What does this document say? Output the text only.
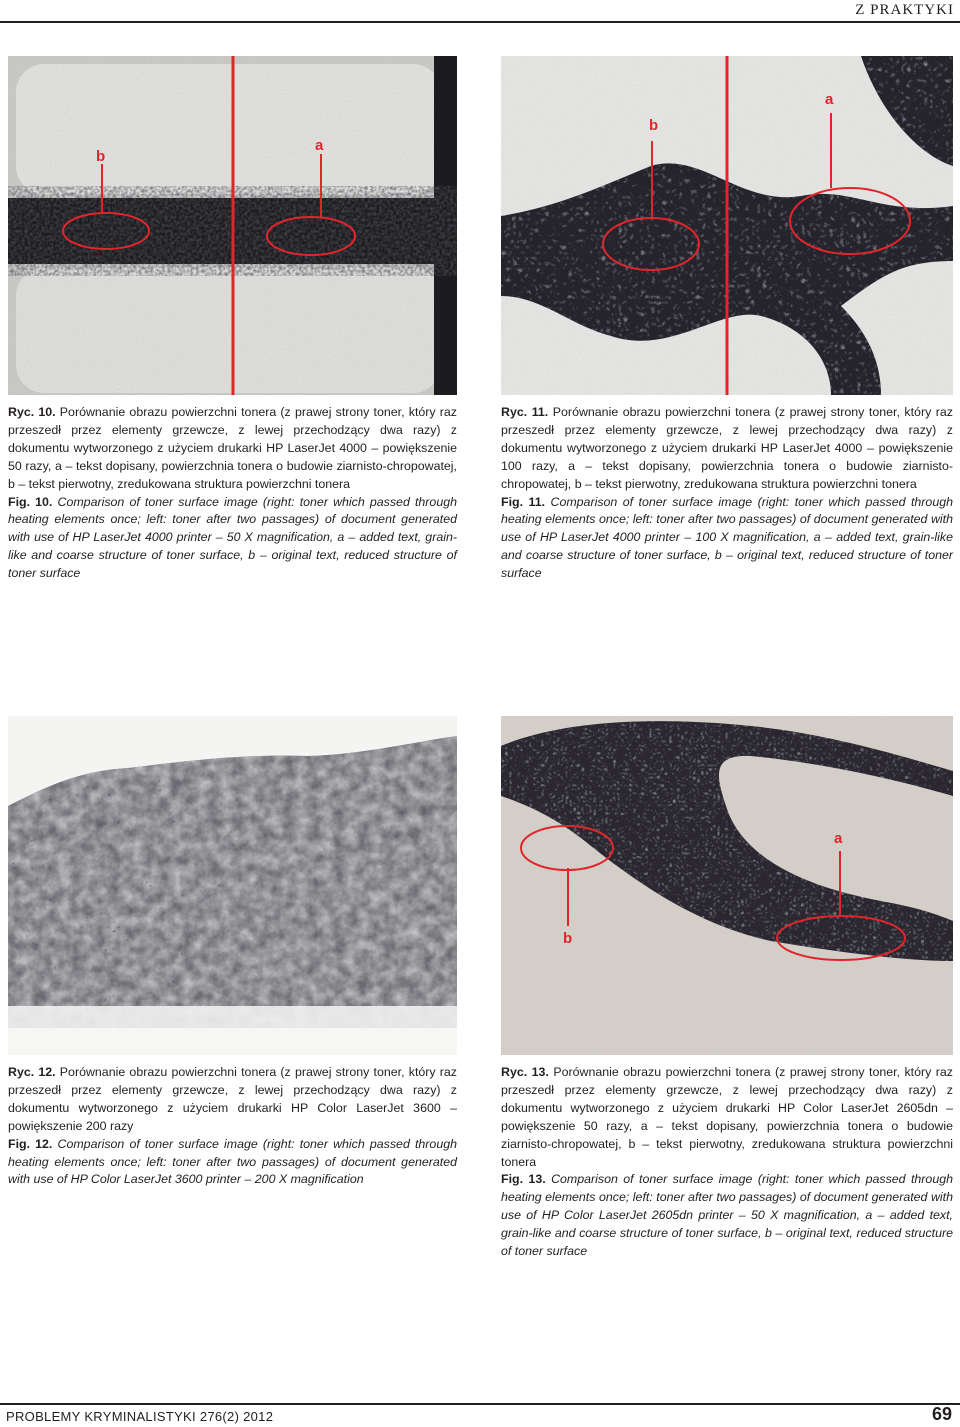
Z PRAKTYKI
b
a
b
a

Ryc. 10. Porównanie obrazu powierzchni tonera (z prawej strony toner, który raz przeszedł przez elementy grzewcze, z lewej przechodzący dwa razy) z dokumentu wytworzonego z użyciem drukarki HP LaserJet 4000 – powiększenie 50 razy, a – tekst dopisany, powierzchnia tonera o budowie ziarnisto-chropowatej, b – tekst pierwotny, zredukowana struktura powierzchni tonera

Fig. 10. Comparison of toner surface image (right: toner which passed through heating elements once; left: toner after two passages) of document generated with use of HP LaserJet 4000 printer – 50 X magnification, a – added text, grain-like and coarse structure of toner surface, b – original text, reduced structure of toner surface

Ryc. 11. Porównanie obrazu powierzchni tonera (z prawej strony toner, który raz przeszedł przez elementy grzewcze, z lewej przechodzący dwa razy) z dokumentu wytworzonego z użyciem drukarki HP LaserJet 4000 – powiększenie 100 razy, a – tekst dopisany, powierzchnia tonera o budowie ziarnisto-chropowatej, b – tekst pierwotny, zredukowana struktura powierzchni tonera

Fig. 11. Comparison of toner surface image (right: toner which passed through heating elements once; left: toner after two passages) of document generated with use of HP LaserJet 4000 printer – 100 X magnification, a – added text, grain-like and coarse structure of toner surface, b – original text, reduced structure of toner surface

b
a

Ryc. 12. Porównanie obrazu powierzchni tonera (z prawej strony toner, który raz przeszedł przez elementy grzewcze, z lewej przechodzący dwa razy) z dokumentu wytworzonego z użyciem drukarki HP Color LaserJet 3600 – powiększenie 200 razy

Fig. 12. Comparison of toner surface image (right: toner which passed through heating elements once; left: toner after two passages) of document generated with use of HP Color LaserJet 3600 printer – 200 X magnification

Ryc. 13. Porównanie obrazu powierzchni tonera (z prawej strony toner, który raz przeszedł przez elementy grzewcze, z lewej przechodzący dwa razy) z dokumentu wytworzonego z użyciem drukarki HP Color LaserJet 2605dn – powiększenie 50 razy, a – tekst dopisany, powierzchnia tonera o budowie ziarnisto-chropowatej, b – tekst pierwotny, zredukowana struktura powierzchni tonera

Fig. 13. Comparison of toner surface image (right: toner which passed through heating elements once; left: toner after two passages) of document generated with use of HP Color LaserJet 2605dn printer – 50 X magnification, a – added text, grain-like and coarse structure of toner surface, b – original text, reduced structure of toner surface

PROBLEMY KRYMINALISTYKI 276(2) 2012	69
